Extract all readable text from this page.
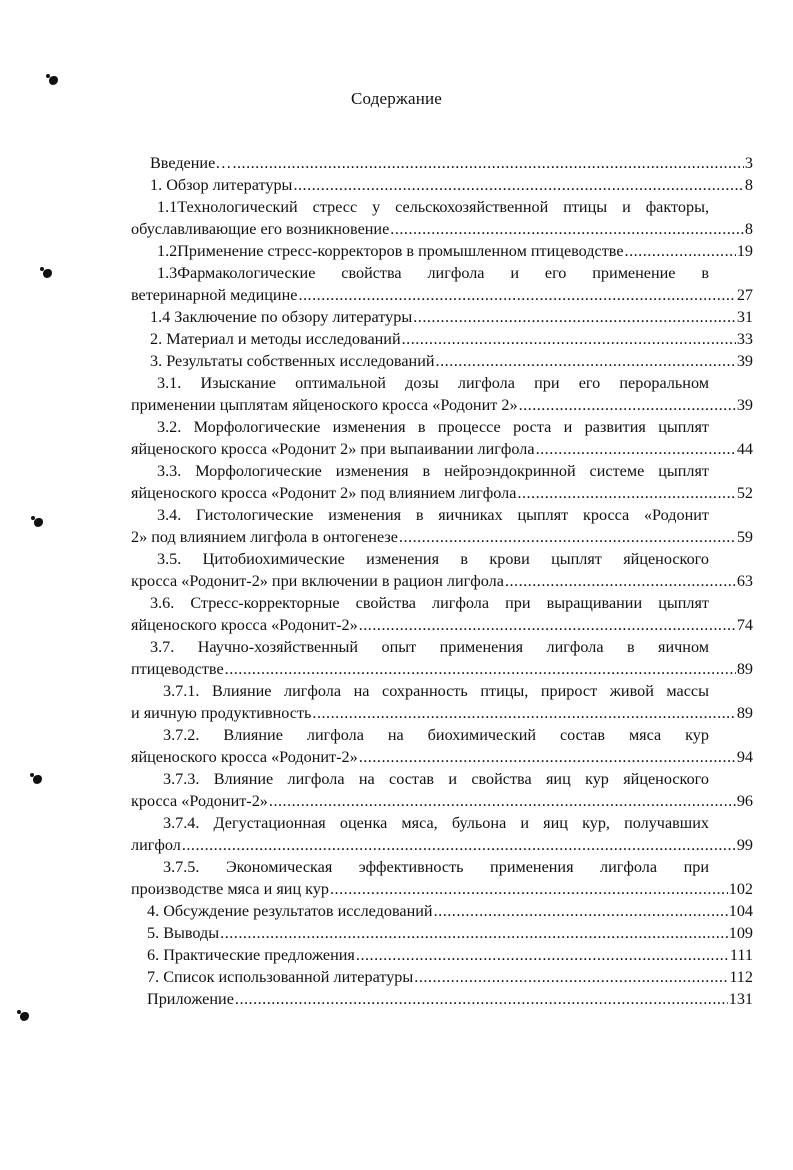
Содержание
Введение… .....	3
1. Обзор литературы .....	8
1.1Технологический стресс у сельскохозяйственной птицы и факторы,
обуславливающие его возникновение .....	8
1.2Применение стресс-корректоров в промышленном птицеводстве .....	19
1.3Фармакологические свойства лигфола и его применение в
ветеринарной медицине .....	27
1.4 Заключение по обзору литературы .....	31
2. Материал и методы исследований .....	33
3. Результаты собственных исследований .....	39
3.1. Изыскание оптимальной дозы лигфола при его пероральном
применении цыплятам яйценоского кросса «Родонит 2» .....	39
3.2. Морфологические изменения в процессе роста и развития цыплят
яйценоского кросса «Родонит 2» при выпаивании лигфола .....	44
3.3. Морфологические изменения в нейроэндокринной системе цыплят
яйценоского кросса «Родонит 2» под влиянием лигфола .....	52
3.4. Гистологические изменения в яичниках цыплят кросса «Родонит
2» под влиянием лигфола в онтогенезе .....	59
3.5. Цитобиохимические изменения в крови цыплят яйценоского
кросса «Родонит-2» при включении в рацион лигфола .....	63
3.6. Стресс-корректорные свойства лигфола при выращивании цыплят
яйценоского кросса «Родонит-2» .....	74
3.7. Научно-хозяйственный опыт применения лигфола в яичном
птицеводстве .....	89
3.7.1. Влияние лигфола на сохранность птицы, прирост живой массы
и яичную продуктивность .....	89
3.7.2. Влияние лигфола на биохимический состав мяса кур
яйценоского кросса «Родонит-2» .....	94
3.7.3. Влияние лигфола на состав и свойства яиц кур яйценоского
кросса «Родонит-2» .....	96
3.7.4. Дегустационная оценка мяса, бульона и яиц кур, получавших
лигфол .....	99
3.7.5. Экономическая эффективность применения лигфола при
производстве мяса и яиц кур .....	102
4. Обсуждение результатов исследований .....	104
5. Выводы .....	109
6. Практические предложения .....	111
7. Список использованной литературы .....	112
Приложение .....	131
